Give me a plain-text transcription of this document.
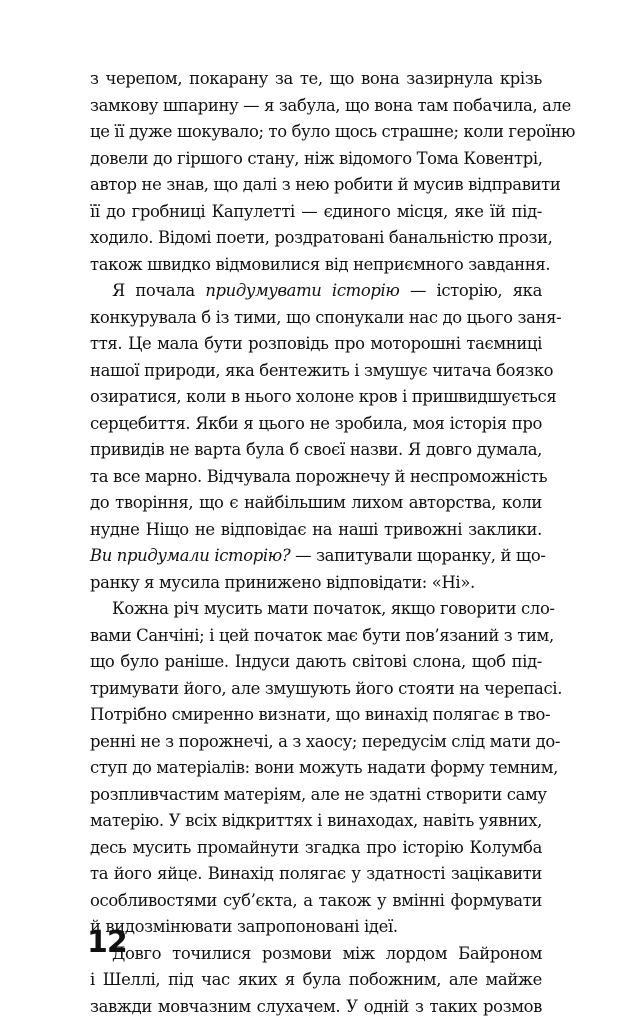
з черепом, покарану за те, що вона зазирнула крізь
замкову шпарину — я забула, що вона там побачила, але
це її дуже шокувало; то було щось страшне; коли героїню
довели до гіршого стану, ніж відомого Тома Ковентрі,
автор не знав, що далі з нею робити й мусив відправити
її до гробниці Капулетті — єдиного місця, яке їй під-
ходило. Відомі поети, роздратовані банальністю прози,
також швидко відмовилися від неприємного завдання.
Я почала придумувати історію — історію, яка
конкурувала б із тими, що спонукали нас до цього заня-
ття. Це мала бути розповідь про моторошні таємниці
нашої природи, яка бентежить і змушує читача боязко
озиратися, коли в нього холоне кров і пришвидшується
серцебиття. Якби я цього не зробила, моя історія про
привидів не варта була б своєї назви. Я довго думала,
та все марно. Відчувала порожнечу й неспроможність
до творіння, що є найбільшим лихом авторства, коли
нудне Ніщо не відповідає на наші тривожні заклики.
Ви придумали історію? — запитували щоранку, й що-
ранку я мусила принижено відповідати: «Ні».
Кожна річ мусить мати початок, якщо говорити сло-
вами Санчіні; і цей початок має бути пов’язаний з тим,
що було раніше. Індуси дають світові слона, щоб під-
тримувати його, але змушують його стояти на черепасі.
Потрібно смиренно визнати, що винахід полягає в тво-
ренні не з порожнечі, а з хаосу; передусім слід мати до-
ступ до матеріалів: вони можуть надати форму темним,
розпливчастим матеріям, але не здатні створити саму
матерію. У всіх відкриттях і винаходах, навіть уявних,
десь мусить промайнути згадка про історію Колумба
та його яйце. Винахід полягає у здатності зацікавити
особливостями суб’єкта, а також у вмінні формувати
й видозмінювати запропоновані ідеї.
Довго точилися розмови між лордом Байроном
і Шеллі, під час яких я була побожним, але майже
завжди мовчазним слухачем. У одній з таких розмов
12
